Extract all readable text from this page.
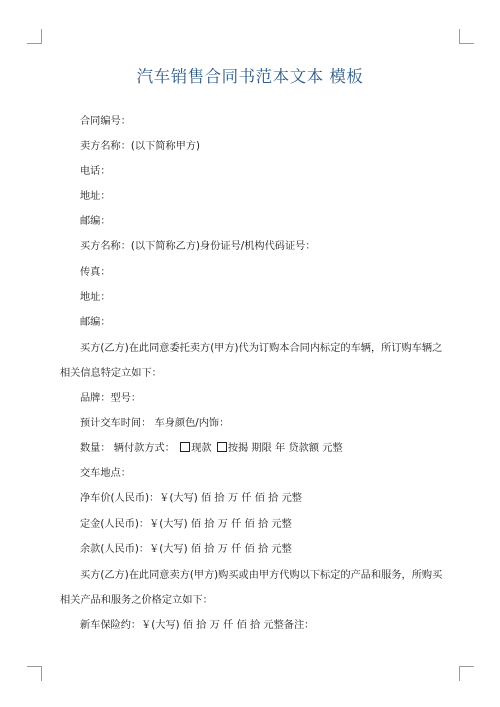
汽车销售合同书范本文本 模板
合同编号：
卖方名称：(以下简称甲方)
电话：
地址：
邮编：
买方名称：(以下简称乙方)身份证号/机构代码证号：
传真：
地址：
邮编：
买方(乙方)在此同意委托卖方(甲方)代为订购本合同内标定的车辆，所订购车辆之
相关信息特定立如下：
品牌：型号：
预计交车时间： 车身颜色/内饰：
数量： 辆付款方式： 现款 按揭 期限 年 贷款额 元整
交车地点：
净车价(人民币)：￥(大写) 佰 拾 万 仟 佰 拾 元整
定金(人民币)：￥(大写) 佰 拾 万 仟 佰 拾 元整
余款(人民币)：￥(大写) 佰 拾 万 仟 佰 拾 元整
买方(乙方)在此同意卖方(甲方)购买或由甲方代购以下标定的产品和服务，所购买
相关产品和服务之价格定立如下：
新车保险约：￥(大写) 佰 拾 万 仟 佰 拾 元整备注：
